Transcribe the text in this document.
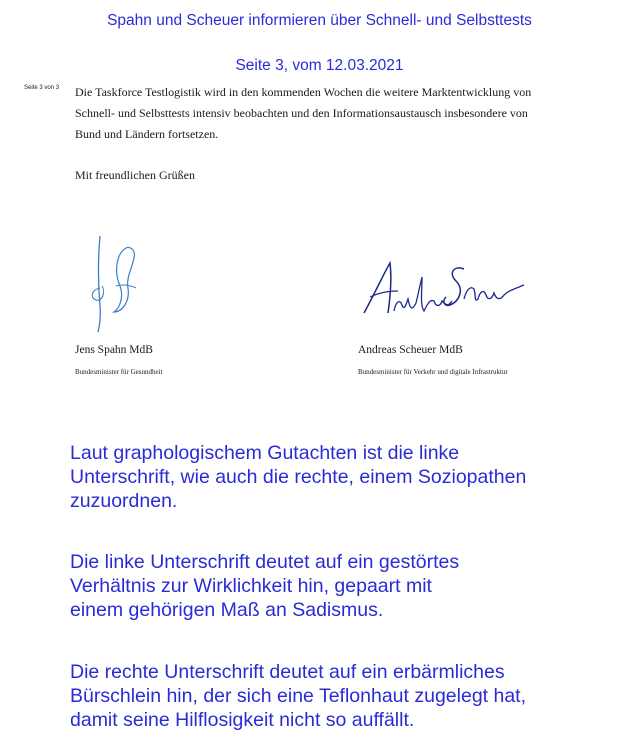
Spahn und Scheuer informieren über Schnell- und Selbsttests
Seite 3, vom 12.03.2021
Seite 3 von 3 Die Taskforce Testlogistik wird in den kommenden Wochen die weitere Marktentwicklung von
Schnell- und Selbsttests intensiv beobachten und den Informationsaustausch insbesondere von
Bund und Ländern fortsetzen.
Mit freundlichen Grüßen
Jens Spahn MdB
Bundesminister für Gesundheit
Andreas Scheuer MdB
Bundesminister für Verkehr und digitale Infrastruktur
Laut graphologischem Gutachten ist die linke
Unterschrift, wie auch die rechte, einem Soziopathen
zuzuordnen.
Die linke Unterschrift deutet auf ein gestörtes
Verhältnis zur Wirklichkeit hin, gepaart mit
einem gehörigen Maß an Sadismus.
Die rechte Unterschrift deutet auf ein erbärmliches
Bürschlein hin, der sich eine Teflonhaut zugelegt hat,
damit seine Hilflosigkeit nicht so auffällt.
